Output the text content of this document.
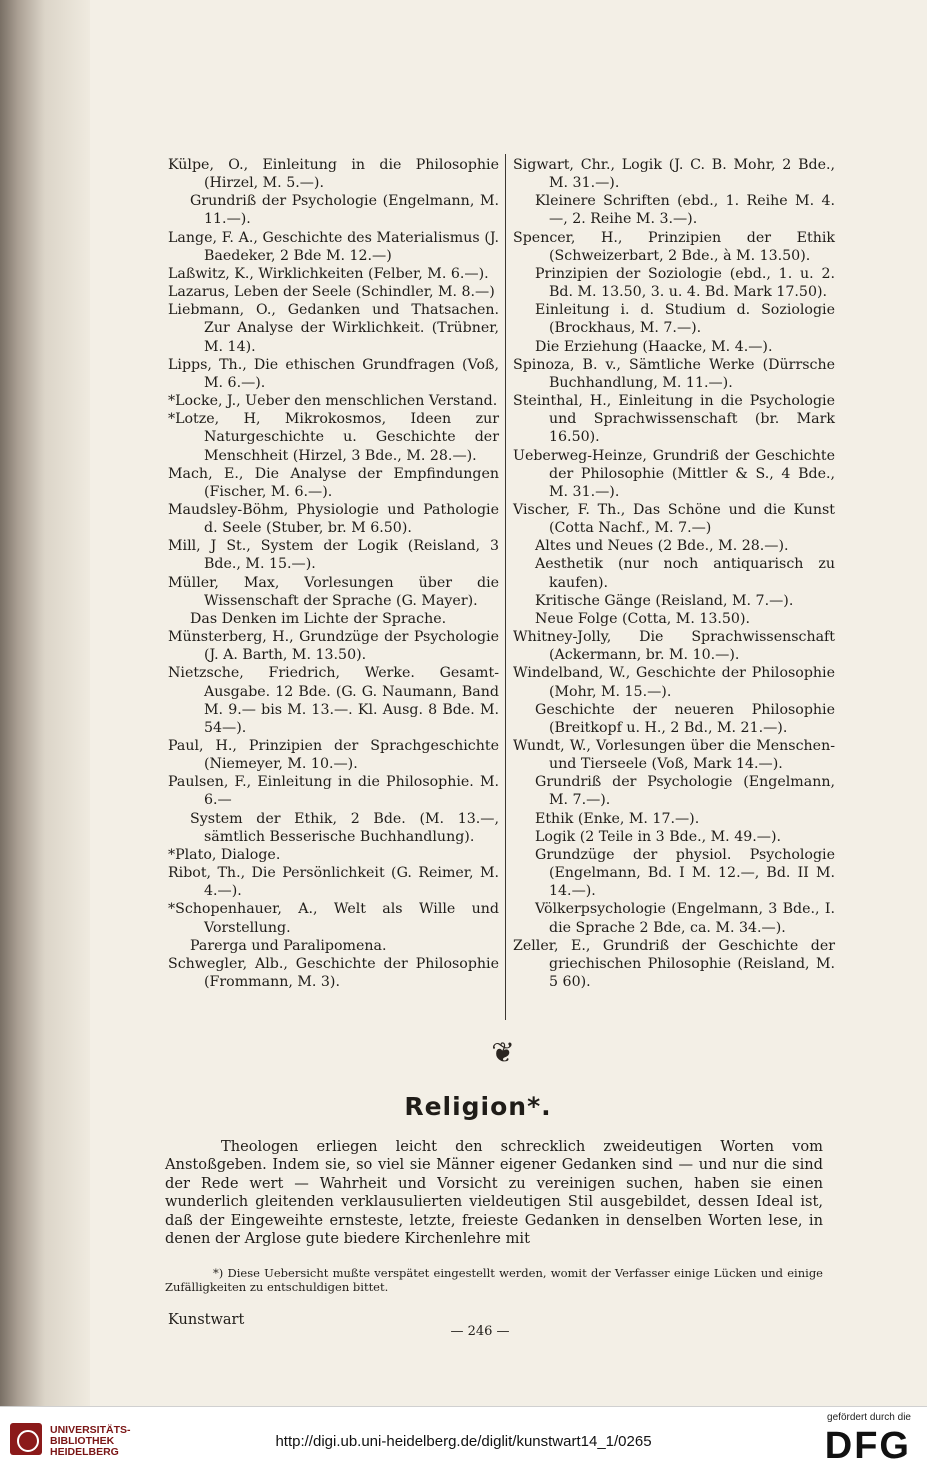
Külpe, O., Einleitung in die Philosophie (Hirzel, M. 5.—).
Grundriß der Psychologie (Engelmann, M. 11.—).
Lange, F. A., Geschichte des Materialismus (J. Baedeker, 2 Bde M. 12.—)
Laßwitz, K., Wirklichkeiten (Felber, M. 6.—).
Lazarus, Leben der Seele (Schindler, M. 8.—)
Liebmann, O., Gedanken und Thatsachen. Zur Analyse der Wirklichkeit. (Trübner, M. 14).
Lipps, Th., Die ethischen Grundfragen (Voß, M. 6.—).
*Locke, J., Ueber den menschlichen Verstand.
*Lotze, H, Mikrokosmos, Ideen zur Naturgeschichte u. Geschichte der Menschheit (Hirzel, 3 Bde., M. 28.—).
Mach, E., Die Analyse der Empfindungen (Fischer, M. 6.—).
Maudsley-Böhm, Physiologie und Pathologie d. Seele (Stuber, br. M 6.50).
Mill, J St., System der Logik (Reisland, 3 Bde., M. 15.—).
Müller, Max, Vorlesungen über die Wissenschaft der Sprache (G. Mayer).
Das Denken im Lichte der Sprache.
Münsterberg, H., Grundzüge der Psychologie (J. A. Barth, M. 13.50).
Nietzsche, Friedrich, Werke. Gesamt-Ausgabe. 12 Bde. (G. G. Naumann, Band M. 9.— bis M. 13.—. Kl. Ausg. 8 Bde. M. 54—).
Paul, H., Prinzipien der Sprachgeschichte (Niemeyer, M. 10.—).
Paulsen, F., Einleitung in die Philosophie. M. 6.—
System der Ethik, 2 Bde. (M. 13.—, sämtlich Besserische Buchhandlung).
*Plato, Dialoge.
Ribot, Th., Die Persönlichkeit (G. Reimer, M. 4.—).
*Schopenhauer, A., Welt als Wille und Vorstellung.
Parerga und Paralipomena.
Schwegler, Alb., Geschichte der Philosophie (Frommann, M. 3).
Sigwart, Chr., Logik (J. C. B. Mohr, 2 Bde., M. 31.—).
Kleinere Schriften (ebd., 1. Reihe M. 4.—, 2. Reihe M. 3.—).
Spencer, H., Prinzipien der Ethik (Schweizerbart, 2 Bde., à M. 13.50).
Prinzipien der Soziologie (ebd., 1. u. 2. Bd. M. 13.50, 3. u. 4. Bd. Mark 17.50).
Einleitung i. d. Studium d. Soziologie (Brockhaus, M. 7.—).
Die Erziehung (Haacke, M. 4.—).
Spinoza, B. v., Sämtliche Werke (Dürrsche Buchhandlung, M. 11.—).
Steinthal, H., Einleitung in die Psychologie und Sprachwissenschaft (br. Mark 16.50).
Ueberweg-Heinze, Grundriß der Geschichte der Philosophie (Mittler & S., 4 Bde., M. 31.—).
Vischer, F. Th., Das Schöne und die Kunst (Cotta Nachf., M. 7.—)
Altes und Neues (2 Bde., M. 28.—).
Aesthetik (nur noch antiquarisch zu kaufen).
Kritische Gänge (Reisland, M. 7.—).
Neue Folge (Cotta, M. 13.50).
Whitney-Jolly, Die Sprachwissenschaft (Ackermann, br. M. 10.—).
Windelband, W., Geschichte der Philosophie (Mohr, M. 15.—).
Geschichte der neueren Philosophie (Breitkopf u. H., 2 Bd., M. 21.—).
Wundt, W., Vorlesungen über die Menschen- und Tierseele (Voß, Mark 14.—).
Grundriß der Psychologie (Engelmann, M. 7.—).
Ethik (Enke, M. 17.—).
Logik (2 Teile in 3 Bde., M. 49.—).
Grundzüge der physiol. Psychologie (Engelmann, Bd. I M. 12.—, Bd. II M. 14.—).
Völkerpsychologie (Engelmann, 3 Bde., I. die Sprache 2 Bde, ca. M. 34.—).
Zeller, E., Grundriß der Geschichte der griechischen Philosophie (Reisland, M. 5 60).
❦
Religion*.

Theologen erliegen leicht den schrecklich zweideutigen Worten vom Anstoßgeben. Indem sie, so viel sie Männer eigener Gedanken sind — und nur die sind der Rede wert — Wahrheit und Vorsicht zu vereinigen suchen, haben sie einen wunderlich gleitenden verklausulierten vieldeutigen Stil ausgebildet, dessen Ideal ist, daß der Eingeweihte ernsteste, letzte, freieste Gedanken in denselben Worten lese, in denen der Arglose gute biedere Kirchenlehre mit

*) Diese Uebersicht mußte verspätet eingestellt werden, womit der Verfasser einige Lücken und einige Zufälligkeiten zu entschuldigen bittet.

Kunstwart
— 246 —
UNIVERSITÄTS-
BIBLIOTHEK
HEIDELBERG
http://digi.ub.uni-heidelberg.de/diglit/kunstwart14_1/0265
gefördert durch die
DFG
